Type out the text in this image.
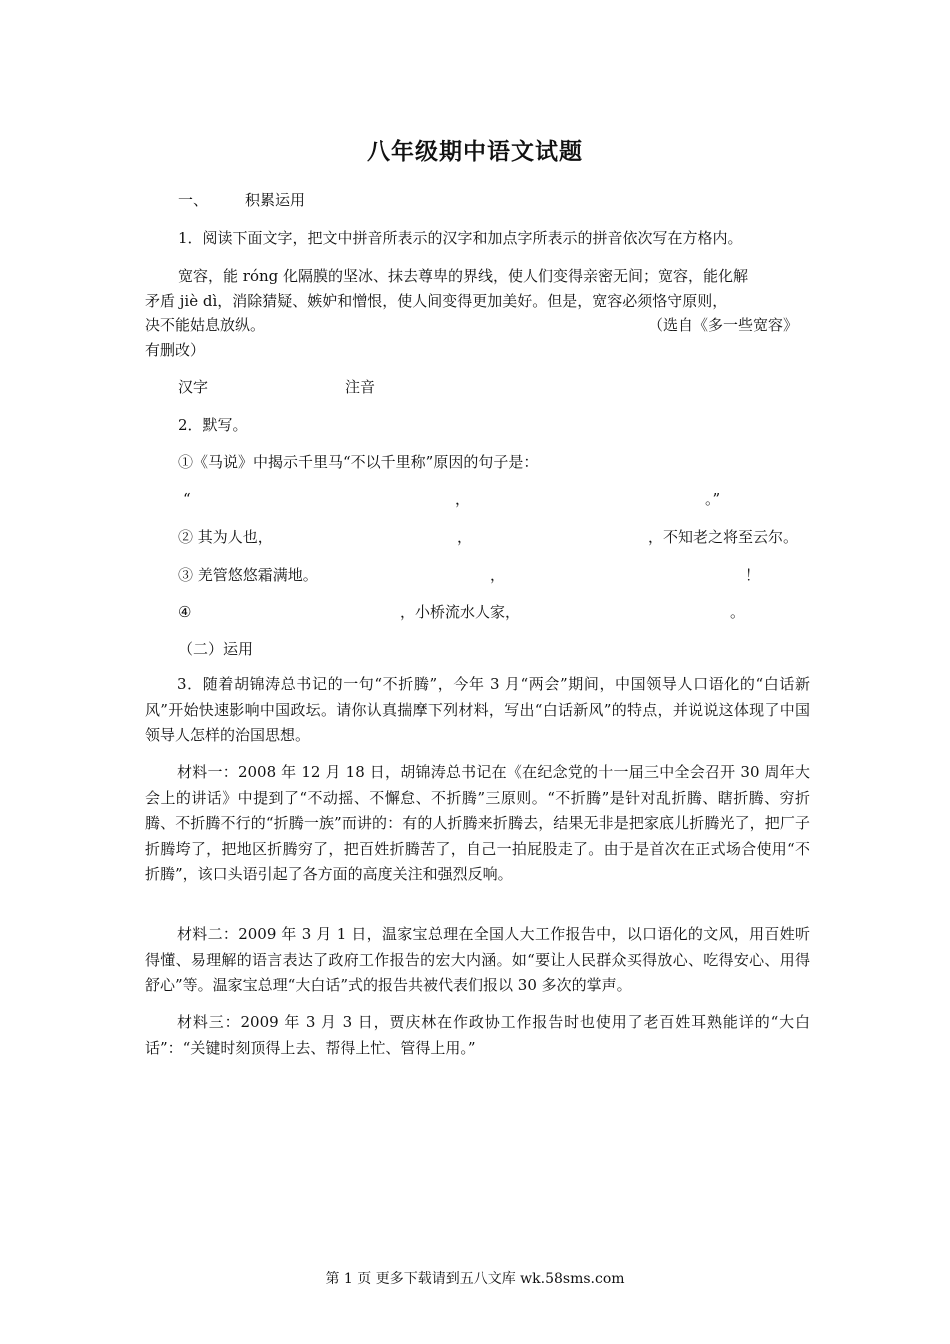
八年级期中语文试题
一、 积累运用
1．阅读下面文字，把文中拼音所表示的汉字和加点字所表示的拼音依次写在方格内。
宽容，能 róng 化隔膜的坚冰、抹去尊卑的界线，使人们变得亲密无间；宽容，能化解
矛盾 jiè dì，消除猜疑、嫉妒和憎恨，使人间变得更加美好。但是，宽容必须恪守原则，
决不能姑息放纵。	（选自《多一些宽容》
有删改）
汉字	注音
2．默写。
①《马说》中揭示千里马“不以千里称”原因的句子是：
“	，	。”
② 其为人也，	，	，不知老之将至云尔。
③ 羌管悠悠霜满地。	，	！
④	，小桥流水人家，	。
（二）运用
3．随着胡锦涛总书记的一句“不折腾”，今年 3 月“两会”期间，中国领导人口语化的“白话新风”开始快速影响中国政坛。请你认真揣摩下列材料，写出“白话新风”的特点，并说说这体现了中国领导人怎样的治国思想。
材料一：2008 年 12 月 18 日，胡锦涛总书记在《在纪念党的十一届三中全会召开 30 周年大会上的讲话》中提到了“不动摇、不懈怠、不折腾”三原则。“不折腾”是针对乱折腾、瞎折腾、穷折腾、不折腾不行的“折腾一族”而讲的：有的人折腾来折腾去，结果无非是把家底儿折腾光了，把厂子折腾垮了，把地区折腾穷了，把百姓折腾苦了，自己一拍屁股走了。由于是首次在正式场合使用“不折腾”，该口头语引起了各方面的高度关注和强烈反响。
材料二：2009 年 3 月 1 日，温家宝总理在全国人大工作报告中，以口语化的文风，用百姓听得懂、易理解的语言表达了政府工作报告的宏大内涵。如“要让人民群众买得放心、吃得安心、用得舒心”等。温家宝总理“大白话”式的报告共被代表们报以 30 多次的掌声。
材料三：2009 年 3 月 3 日，贾庆林在作政协工作报告时也使用了老百姓耳熟能详的“大白话”：“关键时刻顶得上去、帮得上忙、管得上用。”
第 1 页 更多下载请到五八文库 wk.58sms.com
